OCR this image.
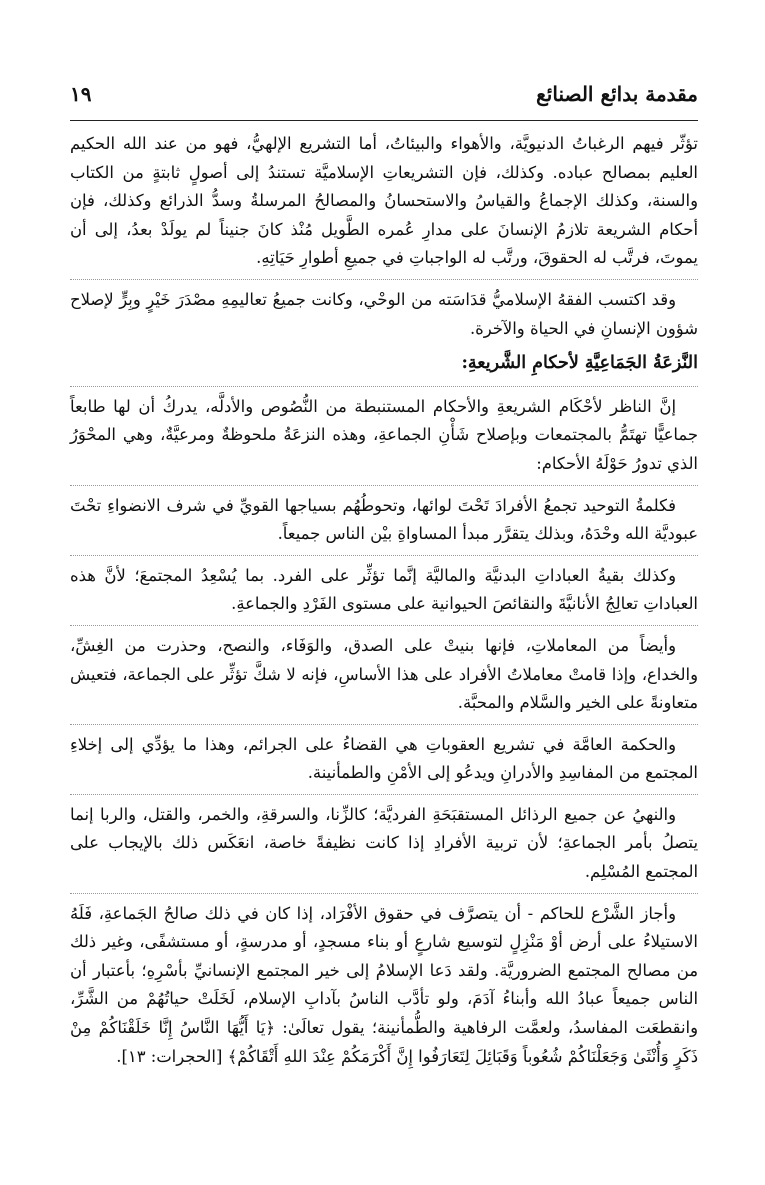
مقدمة بدائع الصنائع
١٩

تؤثّر فيهم الرغباتُ الدنيويَّة، والأهواء والبيئاتُ، أما التشريع الإلهيُّ، فهو من عند الله الحكيم العليم بمصالح عباده. وكذلك، فإن التشريعاتِ الإسلاميَّة تستندُ إلى أصولٍ ثابتةٍ من الكتاب والسنة، وكذلك الإجماعُ والقياسُ والاستحسانُ والمصالحُ المرسلةُ وسدُّ الذرائع وكذلك، فإن أحكام الشريعة تلازمُ الإنسانَ على مدارِ عُمره الطَّويل مُنْذ كانَ جنيناً لم يولَدْ بعدُ، إلى أن يموتَ، فرتَّب له الحقوقَ، ورتَّب له الواجباتِ في جميعِ أطوارِ حَيَاتِهِ.

وقد اكتسب الفقهُ الإسلاميُّ قدَاسَته من الوحْي، وكانت جميعُ تعاليمِهِ مصْدَرَ خَيْرٍ وبِرٍّ لإصلاح شؤون الإنسانِ في الحياة والآخرة.

النَّزعَةُ الجَمَاعِيَّةِ لأحكامِ الشَّريعةِ:

إنَّ الناظر لأحْكَام الشريعةِ والأحكام المستنبطة من النُّصُوص والأدلَّه، يدركُ أن لها طابعاً جماعيًّا تهتَمُّ بالمجتمعات وبإصلاح شَأْنِ الجماعةِ، وهذه النزعَةُ ملحوظةٌ ومرعيَّةٌ، وهي المحْوَرُ الذي تدورُ حَوْلَهُ الأحكام:

فكلمةُ التوحيد تجمعُ الأفرادَ تَحْتَ لوائها، وتحوطُهُم بسياجها القويِّ في شرف الانضواءِ تحْتَ عبوديَّة الله وحْدَهُ، وبذلك يتقرَّر مبدأ المساواةِ بيْن الناس جميعاً.

وكذلك بقيةُ العباداتِ البدنيَّة والماليَّة إنَّما تؤثِّر على الفرد. بما يُسْعِدُ المجتمعَ؛ لأنَّ هذه العباداتِ تعالِجُ الأنانيَّةَ والنقائصَ الحيوانية على مستوى الفَرْدِ والجماعةِ.

وأيضاً من المعاملاتِ، فإنها بنيتْ على الصدق، والوَفَاء، والنصح، وحذرت من الغِشِّ، والخداع، وإذا قامتْ معاملاتُ الأفراد على هذا الأساسِ، فإنه لا شكَّ تؤثِّر على الجماعة، فتعيش متعاونةً على الخير والسَّلام والمحبَّة.

والحكمة العامَّة في تشريع العقوباتِ هي القضاءُ على الجرائم، وهذا ما يؤدِّي إلى إخلاءِ المجتمع من المفاسِدِ والأدرانِ ويدعُو إلى الأمْنِ والطمأنينة.

والنهيُ عن جميع الرذائل المستقبَحَةِ الفرديَّة؛ كالزِّنا، والسرقةِ، والخمر، والقتل، والربا إنما يتصلُ بأمر الجماعةِ؛ لأن تربية الأفرادِ إذا كانت نظيفةً خاصة، انعَكَس ذلك بالإيجاب على المجتمع المُسْلِم.

وأجاز الشَّرْع للحاكم - أن يتصرَّف في حقوق الأفْرَاد، إذا كان في ذلك صالحُ الجَماعةِ، فَلَهُ الاستيلاءُ على أرض أوْ مَنْزِلٍ لتوسيع شارعٍ أو بناء مسجدٍ، أو مدرسةٍ، أو مستشفًى، وغير ذلك من مصالح المجتمع الضروريَّة. ولقد دَعا الإسلامُ إلى خير المجتمع الإنسانيِّ بأسْرِهِ؛ بأعتبار أن الناس جميعاً عبادُ الله وأبناءُ آدَمَ، ولو تأدَّب الناسُ بآدابِ الإسلام، لَخَلَتْ حياتُهُمْ من الشَّرِّ، وانقطعَت المفاسدُ، ولعمَّت الرفاهية والطُّمأنينة؛ يقول تعالَىٰ: ﴿يَا أَيُّهَا النَّاسُ إِنَّا خَلَقْنَاكُمْ مِنْ ذَكَرٍ وَأُنْثَىٰ وَجَعَلْنَاكُمْ شُعُوباً وَقَبَائِلَ لِتَعَارَفُوا إِنَّ أَكْرَمَكُمْ عِنْدَ اللهِ أَتْقَاكُمْ﴾ [الحجرات: ١٣].
